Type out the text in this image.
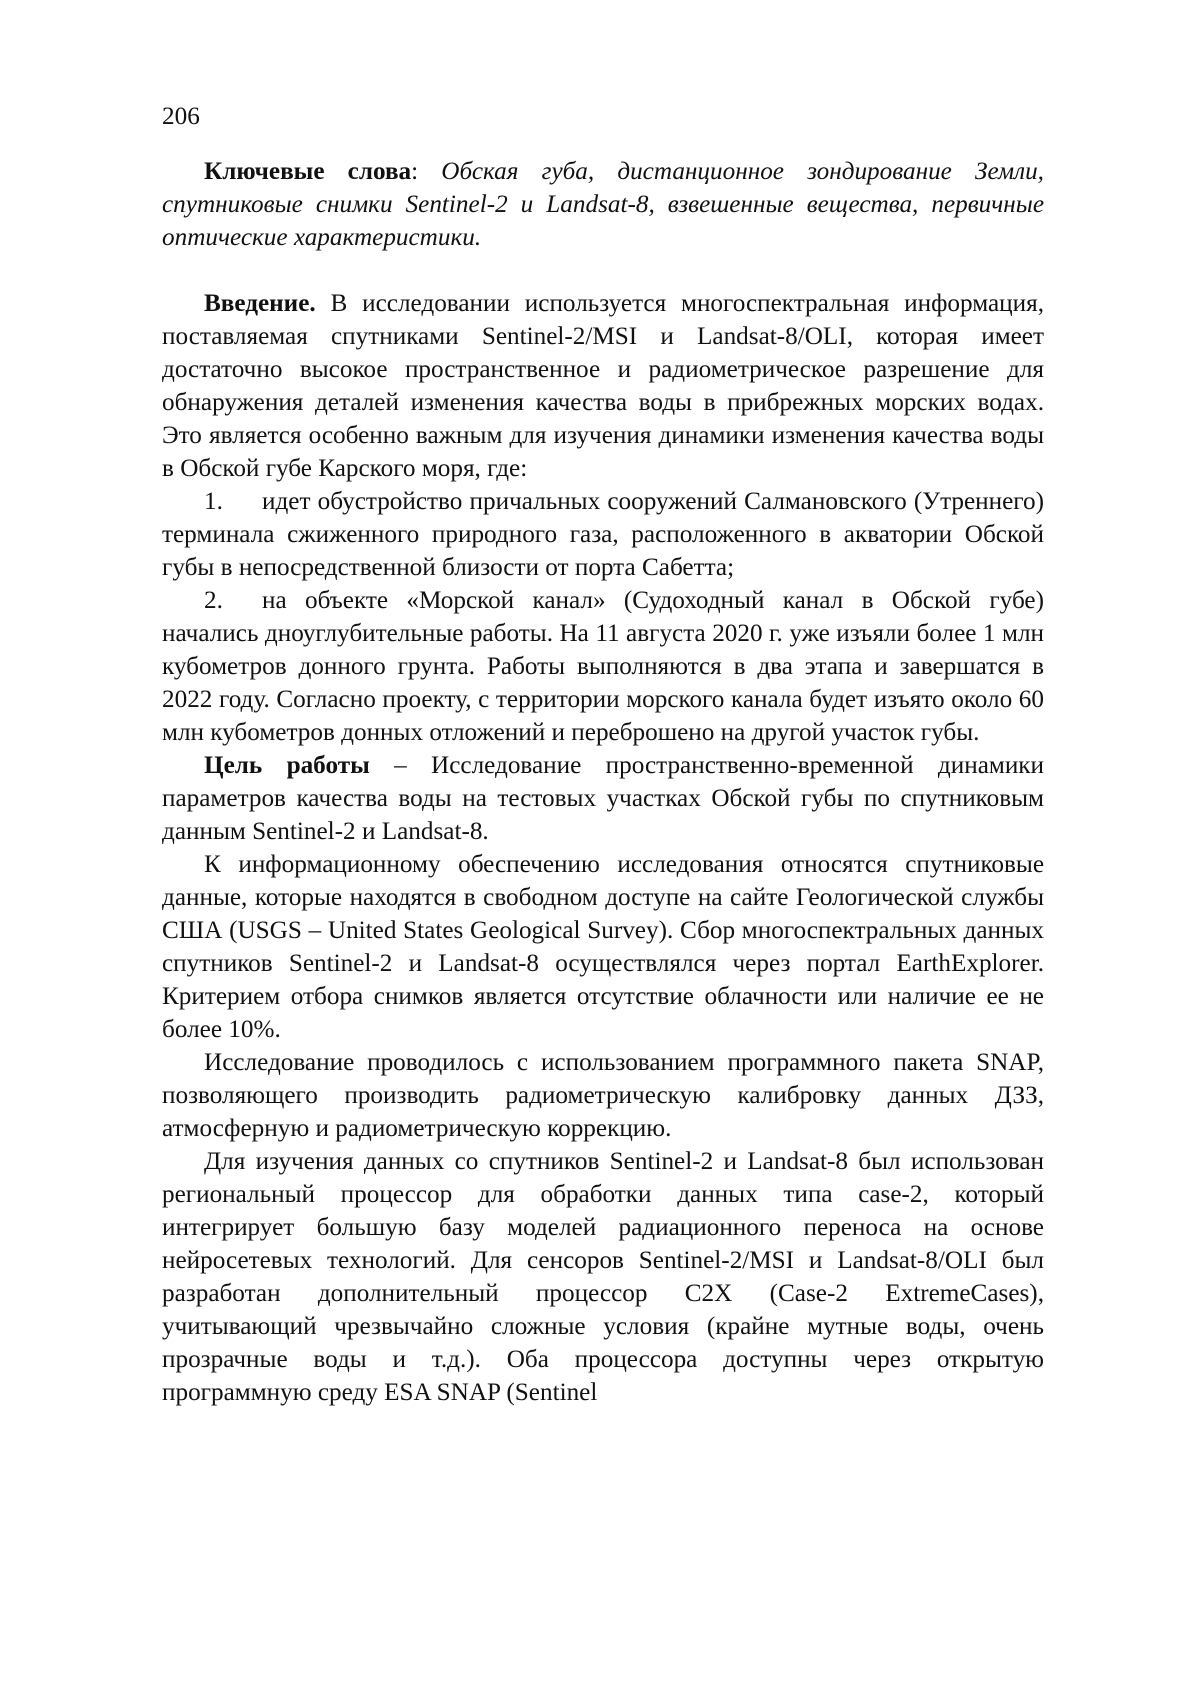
206

Ключевые слова: Обская губа, дистанционное зондирование Земли, спутниковые снимки Sentinel-2 и Landsat-8, взвешенные вещества, первичные оптические характеристики.

Введение. В исследовании используется многоспектральная информация, поставляемая спутниками Sentinel-2/MSI и Landsat-8/OLI, которая имеет достаточно высокое пространственное и радиометрическое разрешение для обнаружения деталей изменения качества воды в прибрежных морских водах. Это является особенно важным для изучения динамики изменения качества воды в Обской губе Карского моря, где:

1. идет обустройство причальных сооружений Салмановского (Утреннего) терминала сжиженного природного газа, расположенного в акватории Обской губы в непосредственной близости от порта Сабетта;

2. на объекте «Морской канал» (Судоходный канал в Обской губе) начались дноуглубительные работы. На 11 августа 2020 г. уже изъяли более 1 млн кубометров донного грунта. Работы выполняются в два этапа и завершатся в 2022 году. Согласно проекту, с территории морского канала будет изъято около 60 млн кубометров донных отложений и переброшено на другой участок губы.

Цель работы – Исследование пространственно-временной динамики параметров качества воды на тестовых участках Обской губы по спутниковым данным Sentinel-2 и Landsat-8.

К информационному обеспечению исследования относятся спутниковые данные, которые находятся в свободном доступе на сайте Геологической службы США (USGS – United States Geological Survey). Сбор многоспектральных данных спутников Sentinel-2 и Landsat-8 осуществлялся через портал EarthExplorer. Критерием отбора снимков является отсутствие облачности или наличие ее не более 10%.

Исследование проводилось с использованием программного пакета SNAP, позволяющего производить радиометрическую калибровку данных ДЗЗ, атмосферную и радиометрическую коррекцию.

Для изучения данных со спутников Sentinel-2 и Landsat-8 был использован региональный процессор для обработки данных типа case-2, который интегрирует большую базу моделей радиационного переноса на основе нейросетевых технологий. Для сенсоров Sentinel-2/MSI и Landsat-8/OLI был разработан дополнительный процессор C2X (Case-2 ExtremeCases), учитывающий чрезвычайно сложные условия (крайне мутные воды, очень прозрачные воды и т.д.). Оба процессора доступны через открытую программную среду ESA SNAP (Sentinel
